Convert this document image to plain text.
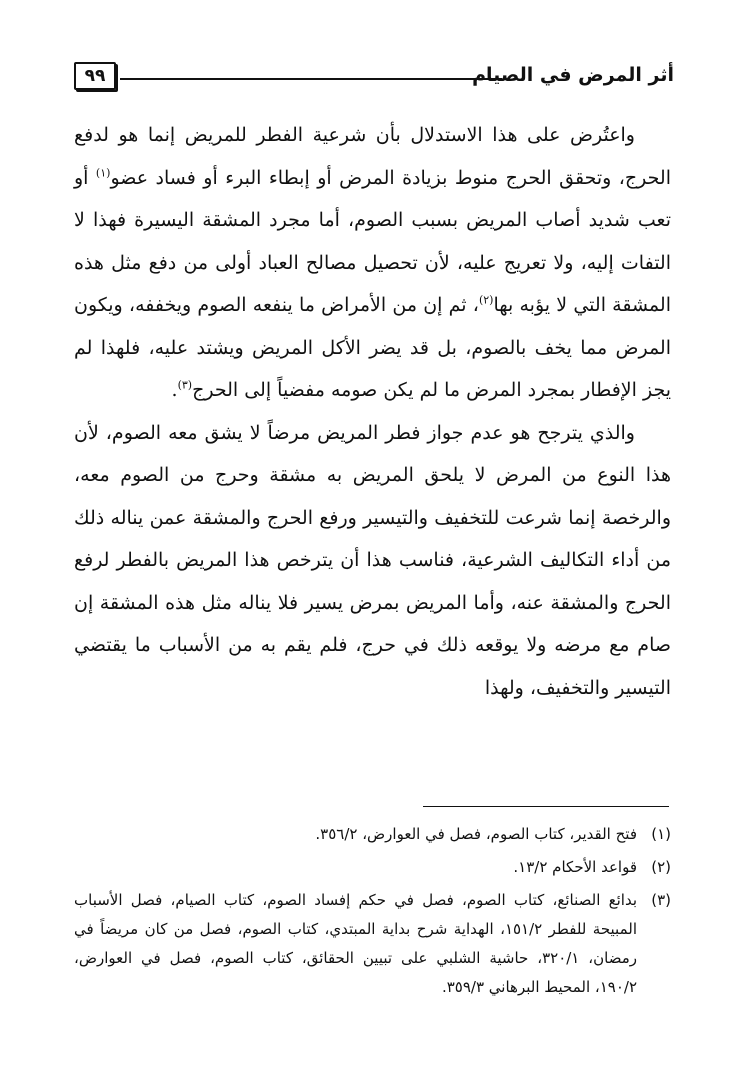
أثر المرض في الصيام
٩٩

واعتُرض على هذا الاستدلال بأن شرعية الفطر للمريض إنما هو لدفع الحرج، وتحقق الحرج منوط بزيادة المرض أو إبطاء البرء أو فساد عضو$^{(١)}$ أو تعب شديد أصاب المريض بسبب الصوم، أما مجرد المشقة اليسيرة فهذا لا التفات إليه، ولا تعريج عليه، لأن تحصيل مصالح العباد أولى من دفع مثل هذه المشقة التي لا يؤبه بها$^{(٢)}$، ثم إن من الأمراض ما ينفعه الصوم ويخففه، ويكون المرض مما يخف بالصوم، بل قد يضر الأكل المريض ويشتد عليه، فلهذا لم يجز الإفطار بمجرد المرض ما لم يكن صومه مفضياً إلى الحرج$^{(٣)}$.

والذي يترجح هو عدم جواز فطر المريض مرضاً لا يشق معه الصوم، لأن هذا النوع من المرض لا يلحق المريض به مشقة وحرج من الصوم معه، والرخصة إنما شرعت للتخفيف والتيسير ورفع الحرج والمشقة عمن يناله ذلك من أداء التكاليف الشرعية، فناسب هذا أن يترخص هذا المريض بالفطر لرفع الحرج والمشقة عنه، وأما المريض بمرض يسير فلا يناله مثل هذه المشقة إن صام مع مرضه ولا يوقعه ذلك في حرج، فلم يقم به من الأسباب ما يقتضي التيسير والتخفيف، ولهذا

(١)فتح القدير، كتاب الصوم، فصل في العوارض، ٣٥٦/٢.

(٢)قواعد الأحكام ١٣/٢.

(٣)بدائع الصنائع، كتاب الصوم، فصل في حكم إفساد الصوم، كتاب الصيام، فصل الأسباب المبيحة للفطر ١٥١/٢، الهداية شرح بداية المبتدي، كتاب الصوم، فصل من كان مريضاً في رمضان، ٣٢٠/١، حاشية الشلبي على تبيين الحقائق، كتاب الصوم، فصل في العوارض، ١٩٠/٢، المحيط البرهاني ٣٥٩/٣.
